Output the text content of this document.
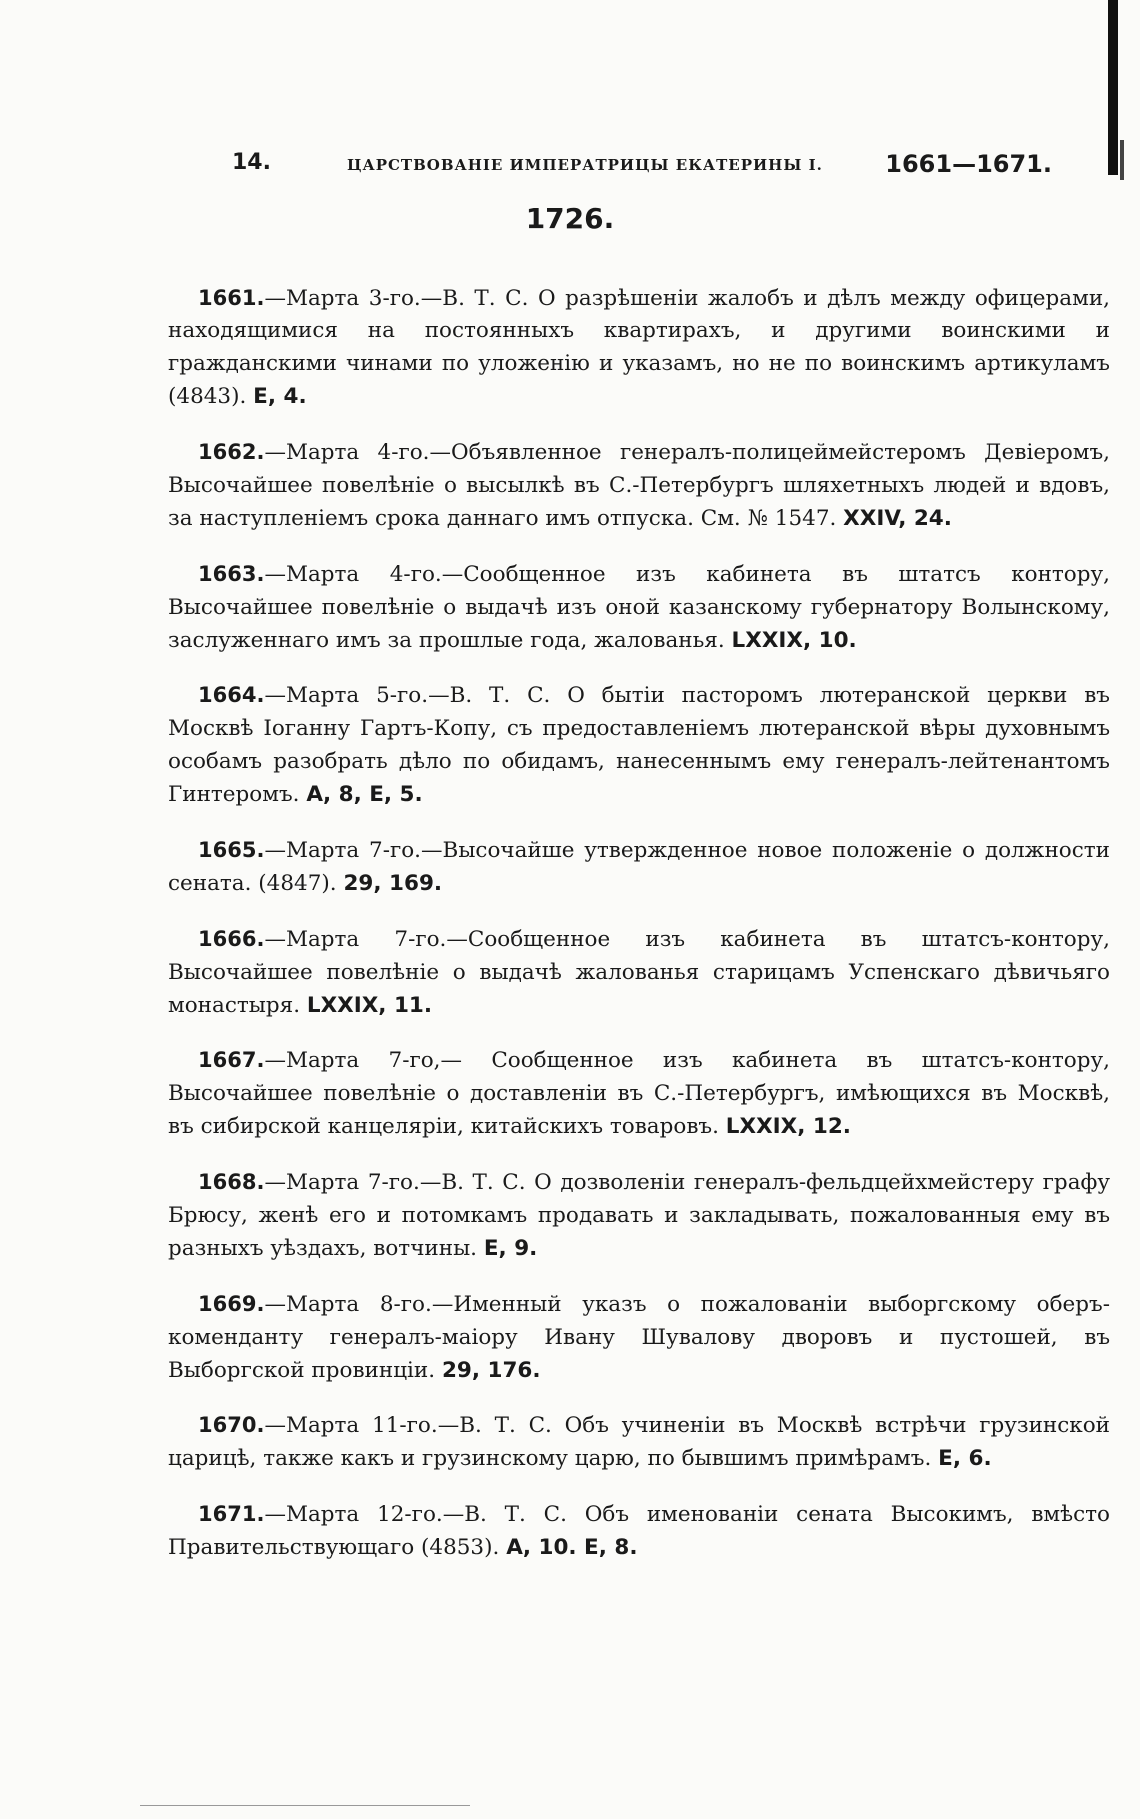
14.	ЦАРСТВОВАНІЕ ИМПЕРАТРИЦЫ ЕКАТЕРИНЫ I.	1661—1671.
1726.

1661.—Марта 3-го.—В. Т. С. О разрѣшеніи жалобъ и дѣлъ между офицерами, находящимися на постоянныхъ квартирахъ, и другими воинскими и гражданскими чинами по уложенію и указамъ, но не по воинскимъ артикуламъ (4843). Е, 4.

1662.—Марта 4-го.—Объявленное генералъ-полицеймейстеромъ Девіеромъ, Высочайшее повелѣніе о высылкѣ въ С.-Петербургъ шляхетныхъ людей и вдовъ, за наступленіемъ срока даннаго имъ отпуска. См. № 1547. XXIV, 24.

1663.—Марта 4-го.—Сообщенное изъ кабинета въ штатсъ контору, Высочайшее повелѣніе о выдачѣ изъ оной казанскому губернатору Волынскому, заслуженнаго имъ за прошлые года, жалованья. LXXIX, 10.

1664.—Марта 5-го.—В. Т. С. О бытіи пасторомъ лютеранской церкви въ Москвѣ Іоганну Гартъ-Копу, съ предоставленіемъ лютеранской вѣры духовнымъ особамъ разобрать дѣло по обидамъ, нанесеннымъ ему генералъ-лейтенантомъ Гинтеромъ. А, 8, Е, 5.

1665.—Марта 7-го.—Высочайше утвержденное новое положеніе о должности сената. (4847). 29, 169.

1666.—Марта 7-го.—Сообщенное изъ кабинета въ штатсъ-контору, Высочайшее повелѣніе о выдачѣ жалованья старицамъ Успенскаго дѣвичьяго монастыря. LXXIX, 11.

1667.—Марта 7-го,— Сообщенное изъ кабинета въ штатсъ-контору, Высочайшее повелѣніе о доставленіи въ С.-Петербургъ, имѣющихся въ Москвѣ, въ сибирской канцеляріи, китайскихъ товаровъ. LXXIX, 12.

1668.—Марта 7-го.—В. Т. С. О дозволеніи генералъ-фельдцейхмейстеру графу Брюсу, женѣ его и потомкамъ продавать и закладывать, пожалованныя ему въ разныхъ уѣздахъ, вотчины. Е, 9.

1669.—Марта 8-го.—Именный указъ о пожалованіи выборгскому оберъ-коменданту генералъ-маіору Ивану Шувалову дворовъ и пустошей, въ Выборгской провинціи. 29, 176.

1670.—Марта 11-го.—В. Т. С. Объ учиненіи въ Москвѣ встрѣчи грузинской царицѣ, также какъ и грузинскому царю, по бывшимъ примѣрамъ. Е, 6.

1671.—Марта 12-го.—В. Т. С. Объ именованіи сената Высокимъ, вмѣсто Правительствующаго (4853). А, 10. Е, 8.
